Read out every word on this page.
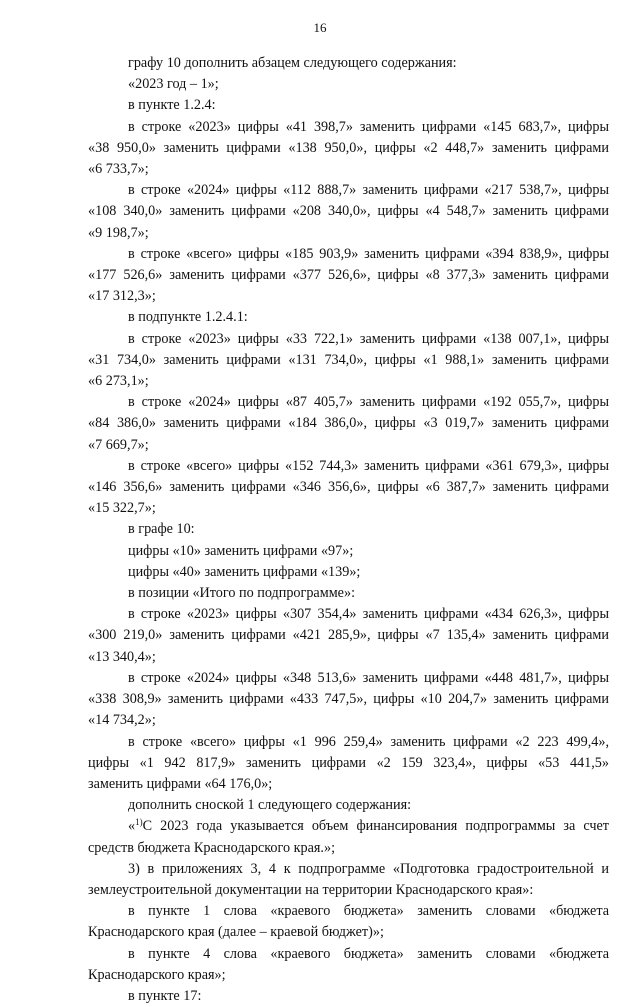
16
графу 10 дополнить абзацем следующего содержания:
«2023 год – 1»;
в пункте 1.2.4:
в строке «2023» цифры «41 398,7» заменить цифрами «145 683,7», цифры
«38 950,0» заменить цифрами «138 950,0», цифры «2 448,7» заменить цифрами
«6 733,7»;
в строке «2024» цифры «112 888,7» заменить цифрами «217 538,7», цифры
«108 340,0» заменить цифрами «208 340,0», цифры «4 548,7» заменить цифрами
«9 198,7»;
в строке «всего» цифры «185 903,9» заменить цифрами «394 838,9», цифры
«177 526,6» заменить цифрами «377 526,6», цифры «8 377,3» заменить цифрами
«17 312,3»;
в подпункте 1.2.4.1:
в строке «2023» цифры «33 722,1» заменить цифрами «138 007,1», цифры
«31 734,0» заменить цифрами «131 734,0», цифры «1 988,1» заменить цифрами
«6 273,1»;
в строке «2024» цифры «87 405,7» заменить цифрами «192 055,7», цифры
«84 386,0» заменить цифрами «184 386,0», цифры «3 019,7» заменить цифрами
«7 669,7»;
в строке «всего» цифры «152 744,3» заменить цифрами «361 679,3», цифры
«146 356,6» заменить цифрами «346 356,6», цифры «6 387,7» заменить цифрами
«15 322,7»;
в графе 10:
цифры «10» заменить цифрами «97»;
цифры «40» заменить цифрами «139»;
в позиции «Итого по подпрограмме»:
в строке «2023» цифры «307 354,4» заменить цифрами «434 626,3», цифры
«300 219,0» заменить цифрами «421 285,9», цифры «7 135,4» заменить цифрами
«13 340,4»;
в строке «2024» цифры «348 513,6» заменить цифрами «448 481,7», цифры
«338 308,9» заменить цифрами «433 747,5», цифры «10 204,7» заменить цифрами
«14 734,2»;
в строке «всего» цифры «1 996 259,4» заменить цифрами «2 223 499,4»,
цифры «1 942 817,9» заменить цифрами «2 159 323,4», цифры «53 441,5»
заменить цифрами «64 176,0»;
дополнить сноской 1 следующего содержания:
«$^{1)}$С 2023 года указывается объем финансирования подпрограммы за счет
средств бюджета Краснодарского края.»;
3) в приложениях 3, 4 к подпрограмме «Подготовка градостроительной и
землеустроительной документации на территории Краснодарского края»:
в пункте 1 слова «краевого бюджета» заменить словами «бюджета
Краснодарского края (далее – краевой бюджет)»;
в пункте 4 слова «краевого бюджета» заменить словами «бюджета
Краснодарского края»;
в пункте 17:
